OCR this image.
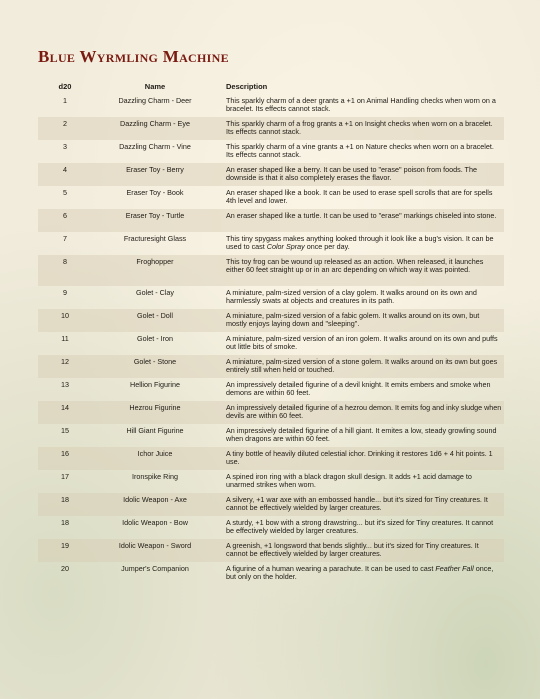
Blue Wyrmling Machine
d20	Name	Description
1	Dazzling Charm - Deer	This sparkly charm of a deer grants a +1 on Animal Handling checks when worn on a bracelet. Its effects cannot stack.
2	Dazzling Charm - Eye	This sparkly charm of a frog grants a +1 on Insight checks when worn on a bracelet. Its effects cannot stack.
3	Dazzling Charm - Vine	This sparkly charm of a vine grants a +1 on Nature checks when worn on a bracelet. Its effects cannot stack.
4	Eraser Toy - Berry	An eraser shaped like a berry. It can be used to "erase" poison from foods. The downside is that it also completely erases the flavor.
5	Eraser Toy - Book	An eraser shaped like a book. It can be used to erase spell scrolls that are for spells 4th level and lower.
6	Eraser Toy - Turtle	An eraser shaped like a turtle. It can be used to "erase" markings chiseled into stone.
7	Fracturesight Glass	This tiny spygass makes anything looked through it look like a bug's vision. It can be used to cast Color Spray once per day.
8	Froghopper	This toy frog can be wound up released as an action. When released, it launches either 60 feet straight up or in an arc depending on which way it was pointed.
9	Golet - Clay	A miniature, palm-sized version of a clay golem. It walks around on its own and harmlessly swats at objects and creatures in its path.
10	Golet - Doll	A miniature, palm-sized version of a fabic golem. It walks around on its own, but mostly enjoys laying down and "sleeping".
11	Golet - Iron	A miniature, palm-sized version of an iron golem. It walks around on its own and puffs out little bits of smoke.
12	Golet - Stone	A miniature, palm-sized version of a stone golem. It walks around on its own but goes entirely still when held or touched.
13	Hellion Figurine	An impressively detailed figurine of a devil knight. It emits embers and smoke when demons are within 60 feet.
14	Hezrou Figurine	An impressively detailed figurine of a hezrou demon. It emits fog and inky sludge when devils are within 60 feet.
15	Hill Giant Figurine	An impressively detailed figurine of a hill giant. It emites a low, steady growling sound when dragons are within 60 feet.
16	Ichor Juice	A tiny bottle of heavily diluted celestial ichor. Drinking it restores 1d6 + 4 hit points. 1 use.
17	Ironspike Ring	A spined iron ring with a black dragon skull design. It adds +1 acid damage to unarmed strikes when worn.
18	Idolic Weapon - Axe	A silvery, +1 war axe with an embossed handle... but it's sized for Tiny creatures. It cannot be effectively wielded by larger creatures.
18	Idolic Weapon - Bow	A sturdy, +1 bow with a strong drawstring... but it's sized for Tiny creatures. It cannot be effectively wielded by larger creatures.
19	Idolic Weapon - Sword	A greenish, +1 longsword that bends slightly... but it's sized for Tiny creatures. It cannot be effectively wielded by larger creatures.
20	Jumper's Companion	A figurine of a human wearing a parachute. It can be used to cast Feather Fall once, but only on the holder.
